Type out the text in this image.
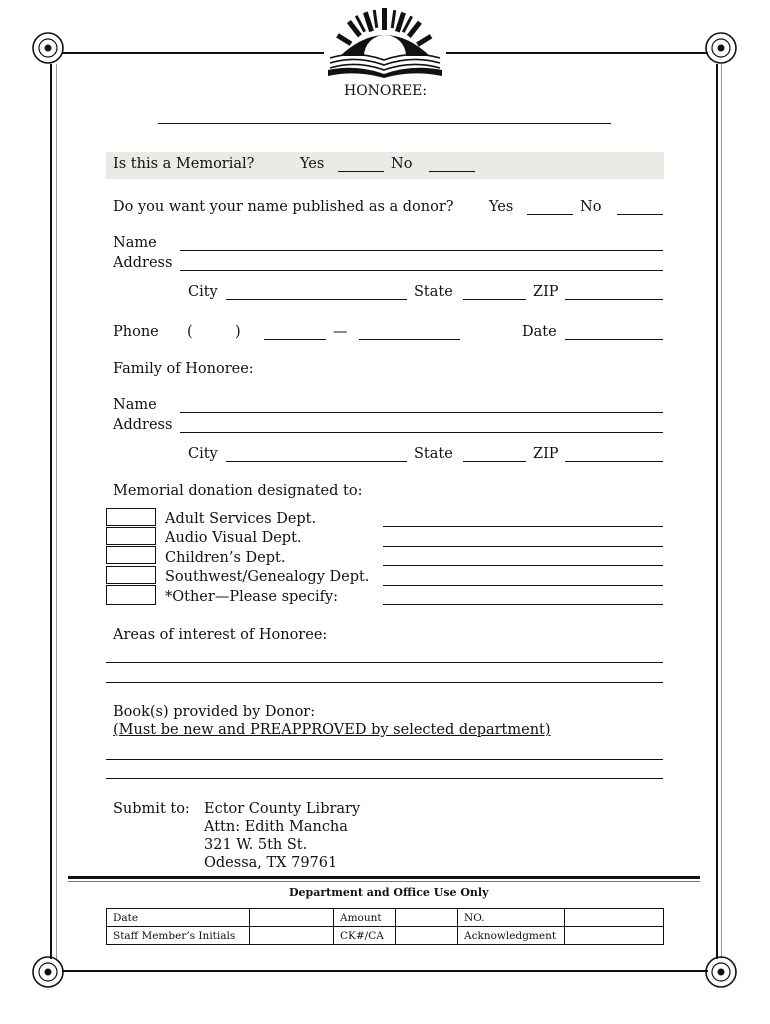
HONOREE:
Is this a Memorial?	Yes	No
Do you want your name published as a donor? Yes	No
Name
Address
City	State	ZIP
Phone (	)	—	Date
Family of Honoree:
Name
Address
City	State	ZIP
Memorial donation designated to:
Adult Services Dept.
Audio Visual Dept.
Children’s Dept.
Southwest/Genealogy Dept.
*Other—Please specify:
Areas of interest of Honoree:
Book(s) provided by Donor:
(Must be new and PREAPPROVED by selected department)
Submit to: Ector County Library
Attn: Edith Mancha
321 W. 5th St.
Odessa, TX 79761
Department and Office Use Only
Date		Amount		NO.	
Staff Member’s Initials		CK#/CA		Acknowledgment	
